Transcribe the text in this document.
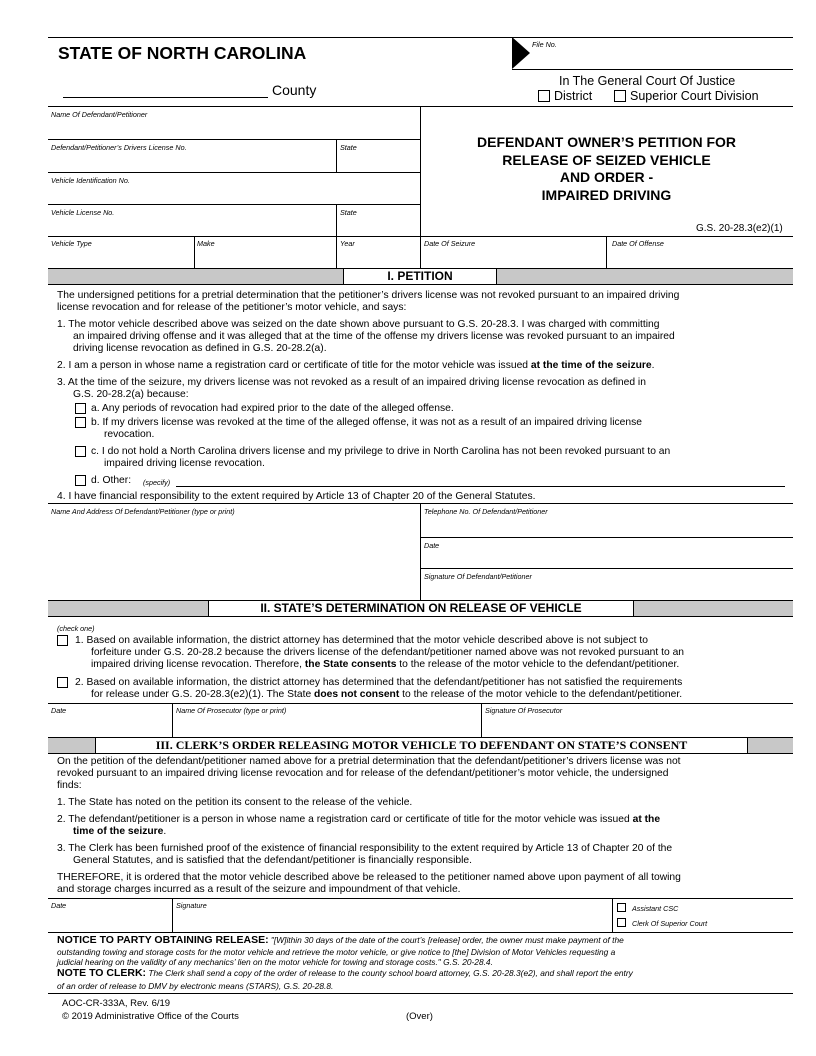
STATE OF NORTH CAROLINA
County
File No.
In The General Court Of Justice
District	Superior Court Division
Name Of Defendant/Petitioner
Defendant/Petitioner’s Drivers License No.	State
Vehicle Identification No.
Vehicle License No.	State
Vehicle Type	Make	Year	Date Of Seizure	Date Of Offense
DEFENDANT OWNER’S PETITION FOR
RELEASE OF SEIZED VEHICLE
AND ORDER -
IMPAIRED DRIVING
G.S. 20-28.3(e2)(1)
I. PETITION
The undersigned petitions for a pretrial determination that the petitioner’s drivers license was not revoked pursuant to an impaired driving
license revocation and for release of the petitioner’s motor vehicle, and says:
1. The motor vehicle described above was seized on the date shown above pursuant to G.S. 20-28.3. I was charged with committing
an impaired driving offense and it was alleged that at the time of the offense my drivers license was revoked pursuant to an impaired
driving license revocation as defined in G.S. 20-28.2(a).
2. I am a person in whose name a registration card or certificate of title for the motor vehicle was issued at the time of the seizure.
3. At the time of the seizure, my drivers license was not revoked as a result of an impaired driving license revocation as defined in
G.S. 20-28.2(a) because:
a. Any periods of revocation had expired prior to the date of the alleged offense.
b. If my drivers license was revoked at the time of the alleged offense, it was not as a result of an impaired driving license
revocation.
c. I do not hold a North Carolina drivers license and my privilege to drive in North Carolina has not been revoked pursuant to an
impaired driving license revocation.
d. Other: (specify)
4. I have financial responsibility to the extent required by Article 13 of Chapter 20 of the General Statutes.
Name And Address Of Defendant/Petitioner (type or print)	Telephone No. Of Defendant/Petitioner
Date
Signature Of Defendant/Petitioner
II. STATE’S DETERMINATION ON RELEASE OF VEHICLE
(check one)
1. Based on available information, the district attorney has determined that the motor vehicle described above is not subject to
forfeiture under G.S. 20-28.2 because the drivers license of the defendant/petitioner named above was not revoked pursuant to an
impaired driving license revocation. Therefore, the State consents to the release of the motor vehicle to the defendant/petitioner.
2. Based on available information, the district attorney has determined that the defendant/petitioner has not satisfied the requirements
for release under G.S. 20-28.3(e2)(1). The State does not consent to the release of the motor vehicle to the defendant/petitioner.
Date	Name Of Prosecutor (type or print)	Signature Of Prosecutor
III. CLERK’S ORDER RELEASING MOTOR VEHICLE TO DEFENDANT ON STATE’S CONSENT
On the petition of the defendant/petitioner named above for a pretrial determination that the defendant/petitioner’s drivers license was not
revoked pursuant to an impaired driving license revocation and for release of the defendant/petitioner’s motor vehicle, the undersigned
finds:
1. The State has noted on the petition its consent to the release of the vehicle.
2. The defendant/petitioner is a person in whose name a registration card or certificate of title for the motor vehicle was issued at the
time of the seizure.
3. The Clerk has been furnished proof of the existence of financial responsibility to the extent required by Article 13 of Chapter 20 of the
General Statutes, and is satisfied that the defendant/petitioner is financially responsible.
THEREFORE, it is ordered that the motor vehicle described above be released to the petitioner named above upon payment of all towing
and storage charges incurred as a result of the seizure and impoundment of that vehicle.
Date	Signature	Assistant CSC
Clerk Of Superior Court
NOTICE TO PARTY OBTAINING RELEASE: "[W]ithin 30 days of the date of the court’s [release] order, the owner must make payment of the
outstanding towing and storage costs for the motor vehicle and retrieve the motor vehicle, or give notice to [the] Division of Motor Vehicles requesting a
judicial hearing on the validity of any mechanics’ lien on the motor vehicle for towing and storage costs." G.S. 20-28.4.
NOTE TO CLERK: The Clerk shall send a copy of the order of release to the county school board attorney, G.S. 20-28.3(e2), and shall report the entry
of an order of release to DMV by electronic means (STARS), G.S. 20-28.8.
AOC-CR-333A, Rev. 6/19
© 2019 Administrative Office of the Courts	(Over)
